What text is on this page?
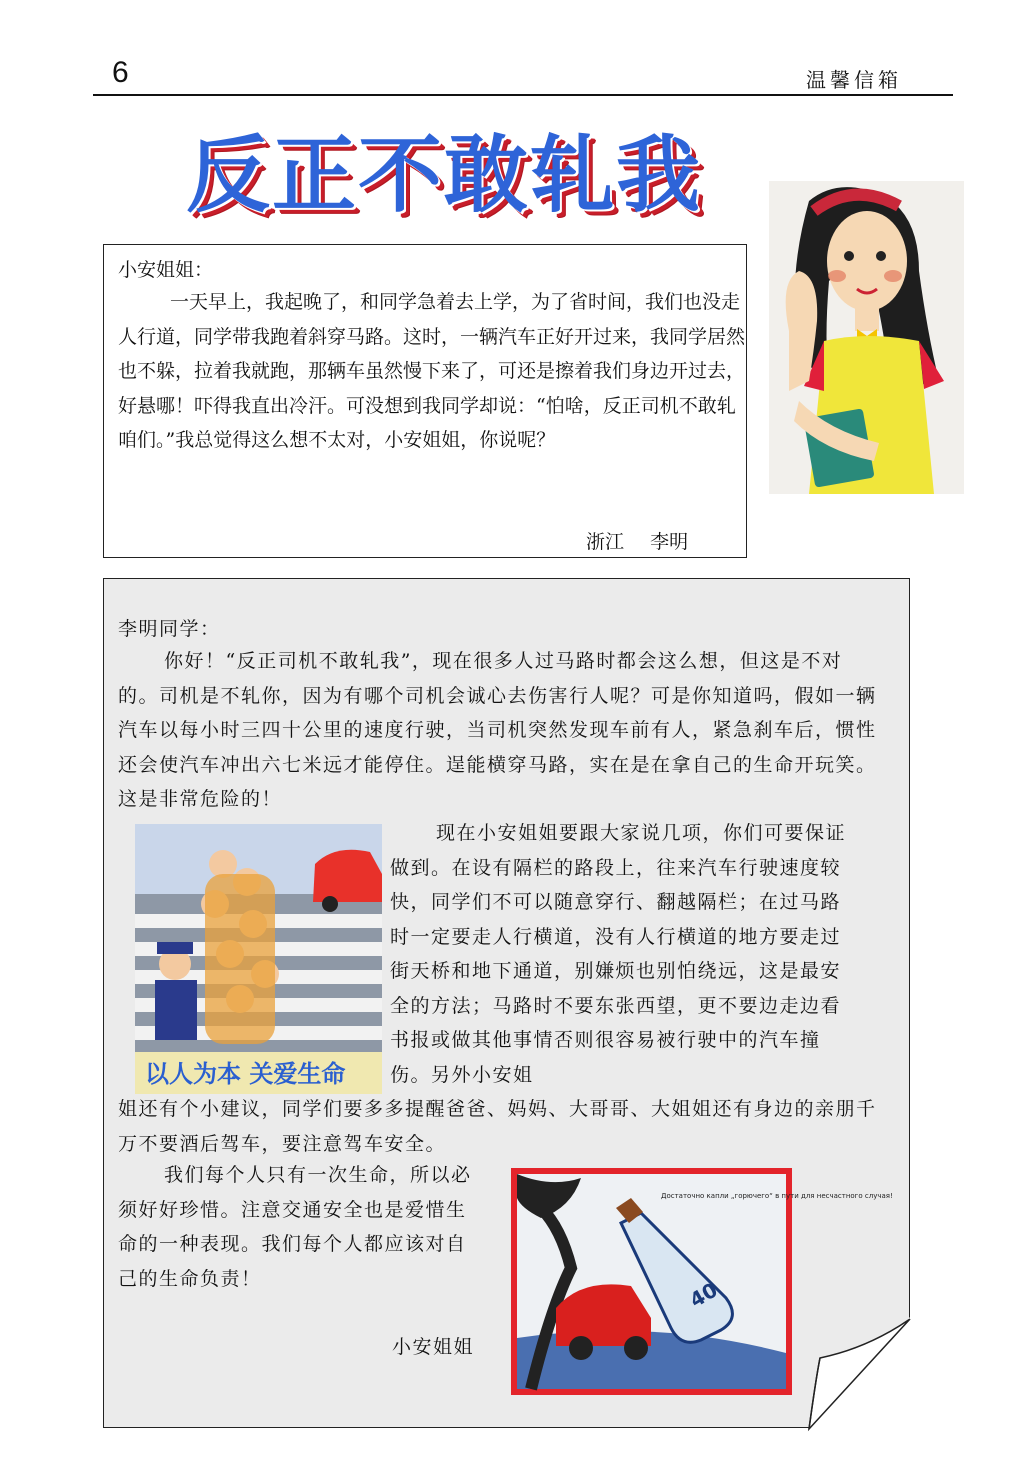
6	温馨信箱
反正不敢轧我
小安姐姐：

一天早上，我起晚了，和同学急着去上学，为了省时间，我们也没走人行道，同学带我跑着斜穿马路。这时，一辆汽车正好开过来，我同学居然也不躲，拉着我就跑，那辆车虽然慢下来了，可还是擦着我们身边开过去，好悬哪！吓得我直出冷汗。可没想到我同学却说：“怕啥，反正司机不敢轧咱们。”我总觉得这么想不太对，小安姐姐，你说呢？

浙江 李明
李明同学：

你好！“反正司机不敢轧我”，现在很多人过马路时都会这么想，但这是不对的。司机是不轧你，因为有哪个司机会诚心去伤害行人呢？可是你知道吗，假如一辆汽车以每小时三四十公里的速度行驶，当司机突然发现车前有人，紧急刹车后，惯性还会使汽车冲出六七米远才能停住。逞能横穿马路，实在是在拿自己的生命开玩笑。这是非常危险的！

以人为本 关爱生命

现在小安姐姐要跟大家说几项，你们可要保证做到。在设有隔栏的路段上，往来汽车行驶速度较快，同学们不可以随意穿行、翻越隔栏；在过马路时一定要走人行横道，没有人行横道的地方要走过街天桥和地下通道，别嫌烦也别怕绕远，这是最安全的方法；马路时不要东张西望，更不要边走边看书报或做其他事情否则很容易被行驶中的汽车撞伤。另外小安姐

姐还有个小建议，同学们要多多提醒爸爸、妈妈、大哥哥、大姐姐还有身边的亲朋千万不要酒后驾车，要注意驾车安全。

我们每个人只有一次生命，所以必须好好珍惜。注意交通安全也是爱惜生命的一种表现。我们每个人都应该对自己的生命负责！

小安姐姐
40
Достаточно капли „горючего“ в пути для несчастного случая!
